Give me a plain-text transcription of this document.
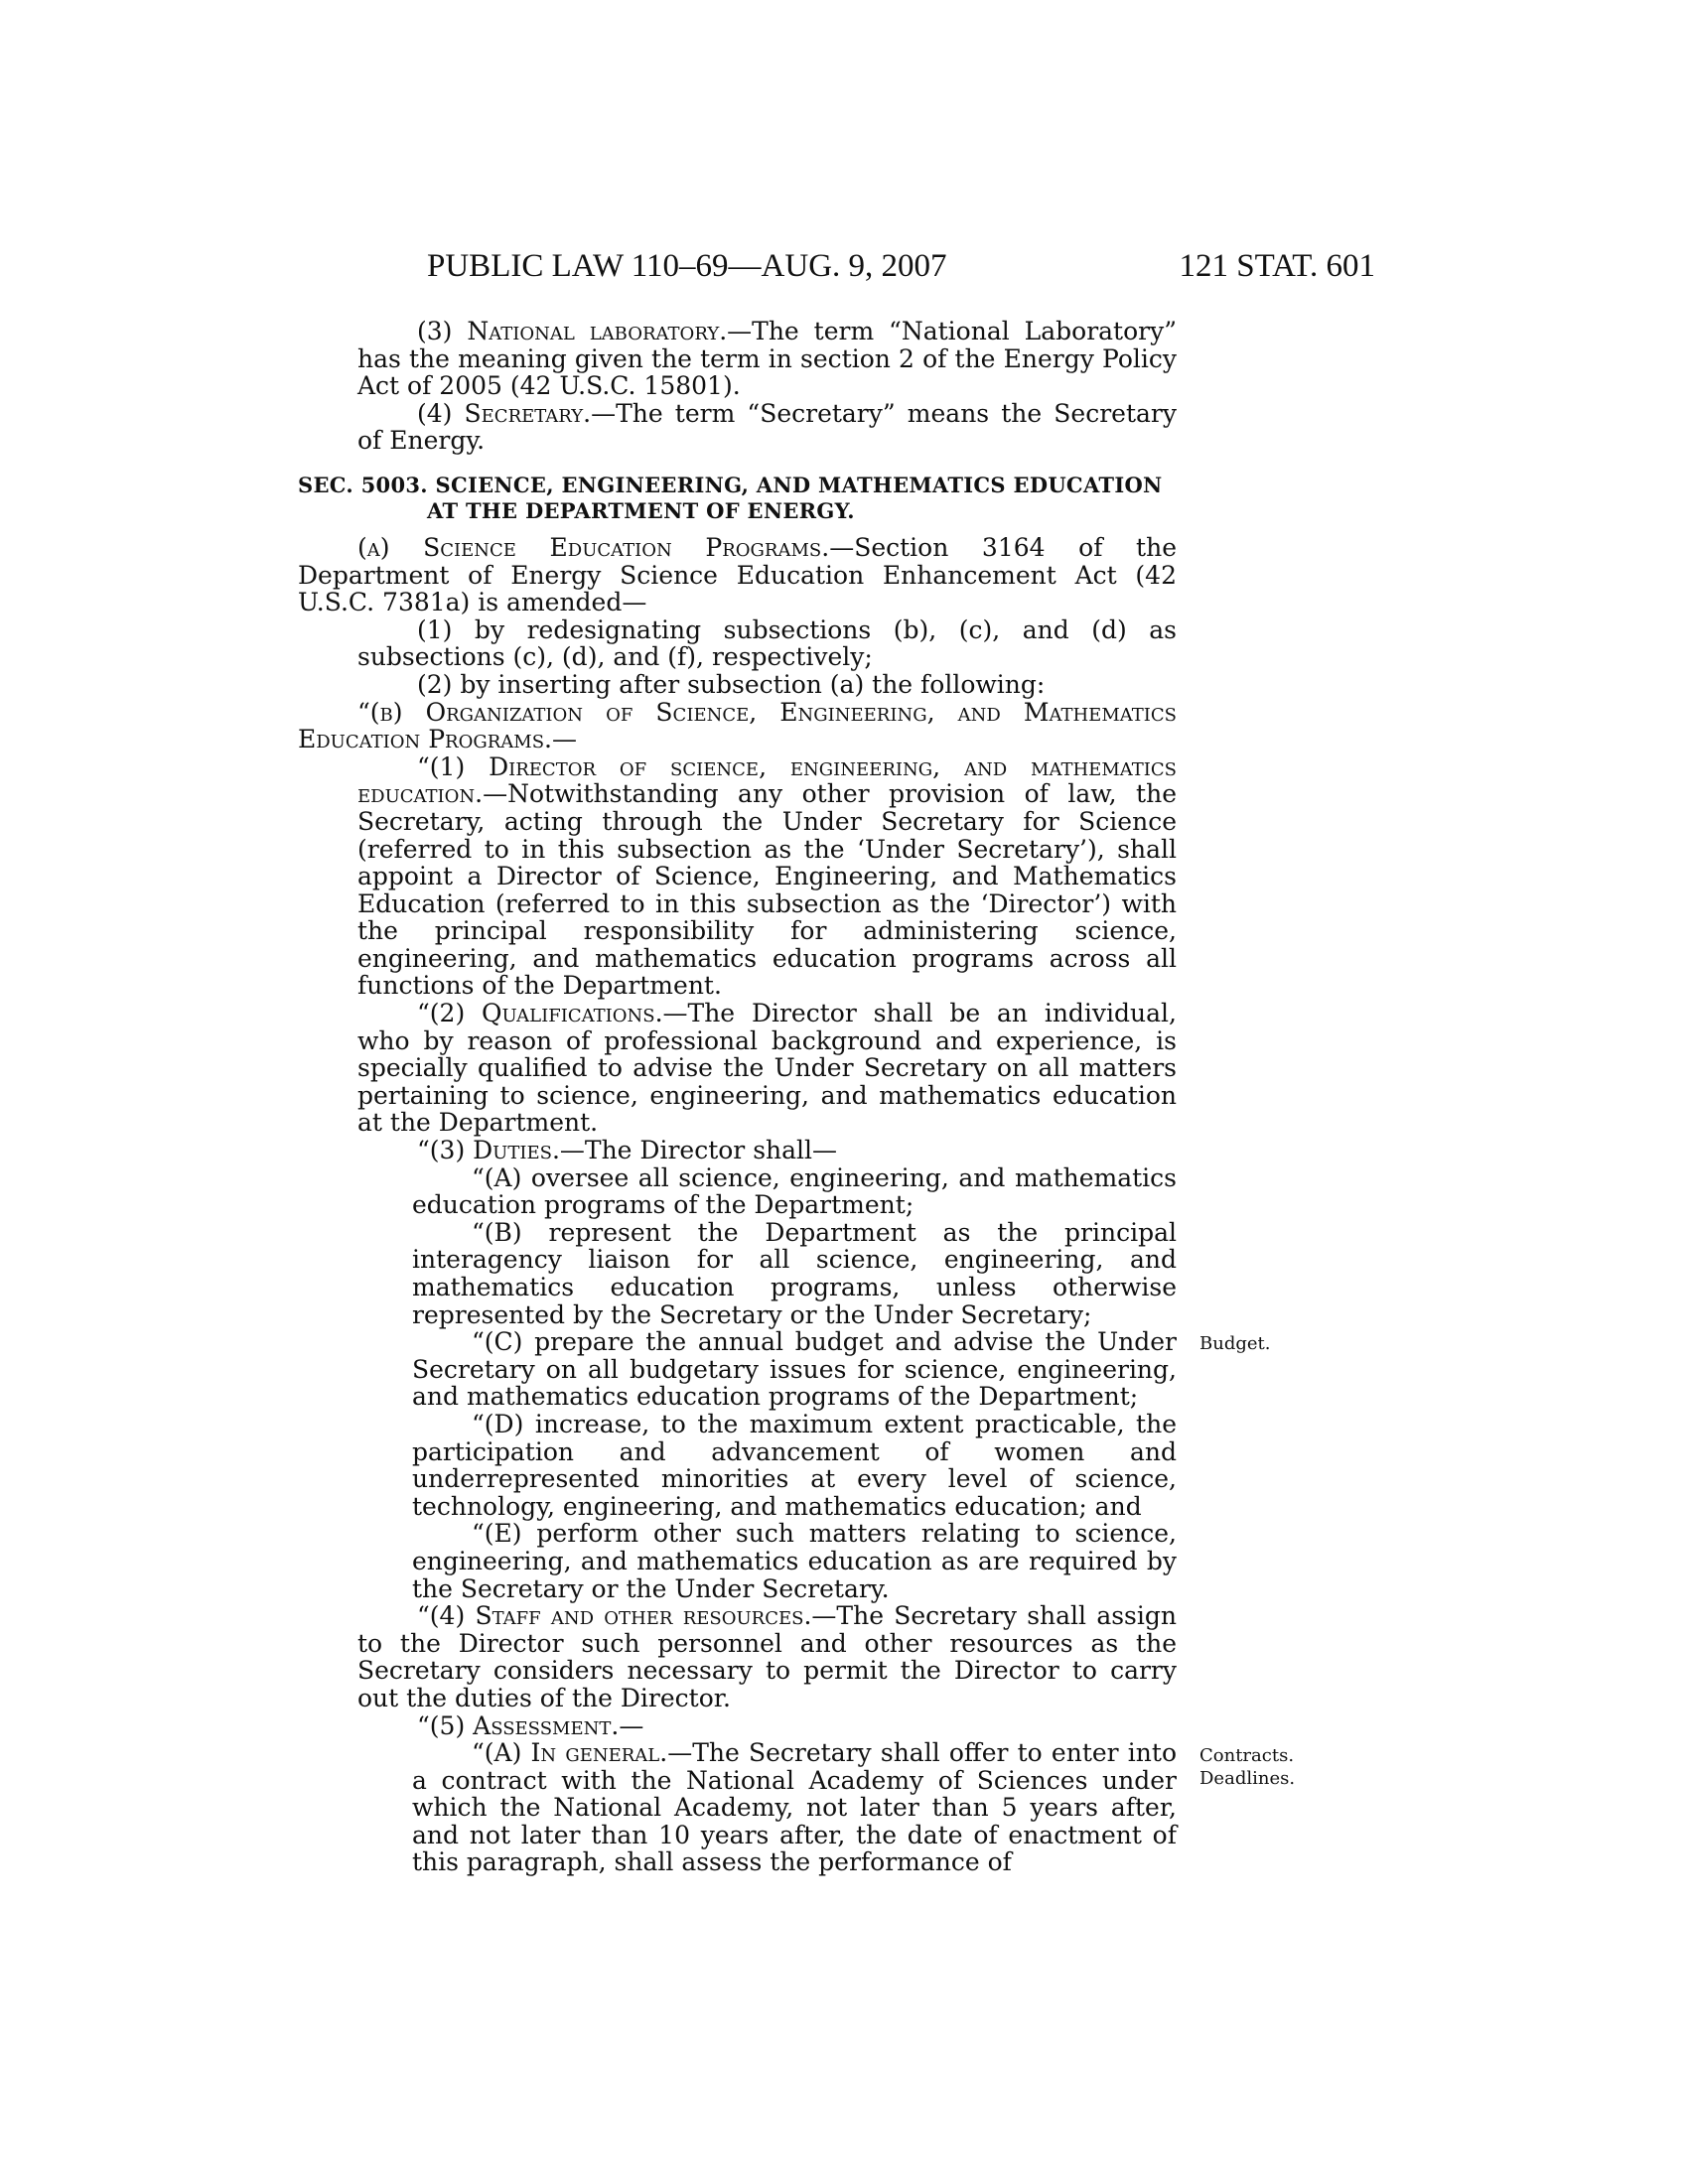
PUBLIC LAW 110–69—AUG. 9, 2007	121 STAT. 601

(3) National laboratory.—The term “National Laboratory” has the meaning given the term in section 2 of the Energy Policy Act of 2005 (42 U.S.C. 15801).

(4) Secretary.—The term “Secretary” means the Secretary of Energy.

SEC. 5003. SCIENCE, ENGINEERING, AND MATHEMATICS EDUCATION AT THE DEPARTMENT OF ENERGY.

(a) Science Education Programs.—Section 3164 of the Department of Energy Science Education Enhancement Act (42 U.S.C. 7381a) is amended—

(1) by redesignating subsections (b), (c), and (d) as subsections (c), (d), and (f), respectively;

(2) by inserting after subsection (a) the following:

“(b) Organization of Science, Engineering, and Mathematics Education Programs.—

“(1) Director of science, engineering, and mathematics education.—Notwithstanding any other provision of law, the Secretary, acting through the Under Secretary for Science (referred to in this subsection as the ‘Under Secretary’), shall appoint a Director of Science, Engineering, and Mathematics Education (referred to in this subsection as the ‘Director’) with the principal responsibility for administering science, engineering, and mathematics education programs across all functions of the Department.

“(2) Qualifications.—The Director shall be an individual, who by reason of professional background and experience, is specially qualified to advise the Under Secretary on all matters pertaining to science, engineering, and mathematics education at the Department.

“(3) Duties.—The Director shall—

“(A) oversee all science, engineering, and mathematics education programs of the Department;

“(B) represent the Department as the principal interagency liaison for all science, engineering, and mathematics education programs, unless otherwise represented by the Secretary or the Under Secretary;

“(C) prepare the annual budget and advise the Under Secretary on all budgetary issues for science, engineering, and mathematics education programs of the Department;

“(D) increase, to the maximum extent practicable, the participation and advancement of women and underrepresented minorities at every level of science, technology, engineering, and mathematics education; and

“(E) perform other such matters relating to science, engineering, and mathematics education as are required by the Secretary or the Under Secretary.

“(4) Staff and other resources.—The Secretary shall assign to the Director such personnel and other resources as the Secretary considers necessary to permit the Director to carry out the duties of the Director.

“(5) Assessment.—

“(A) In general.—The Secretary shall offer to enter into a contract with the National Academy of Sciences under which the National Academy, not later than 5 years after, and not later than 10 years after, the date of enactment of this paragraph, shall assess the performance of

Budget.
Contracts.
Deadlines.
